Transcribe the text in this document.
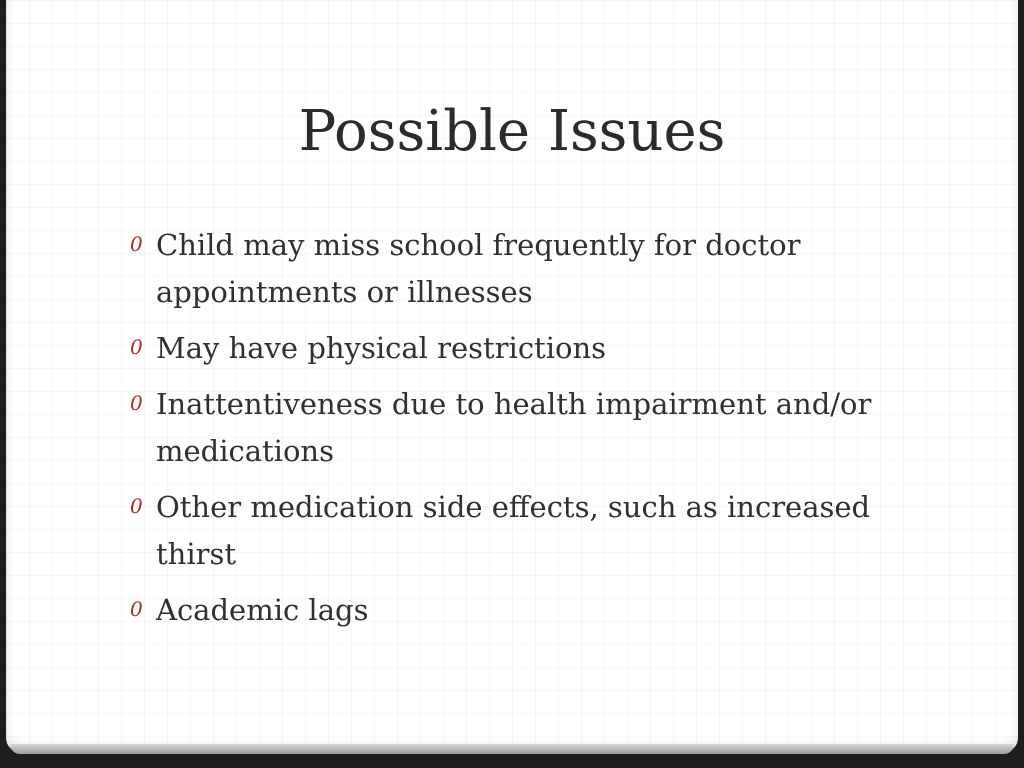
Possible Issues
0 Child may miss school frequently for doctor appointments or illnesses
0 May have physical restrictions
0 Inattentiveness due to health impairment and/or medications
0 Other medication side effects, such as increased thirst
0 Academic lags
